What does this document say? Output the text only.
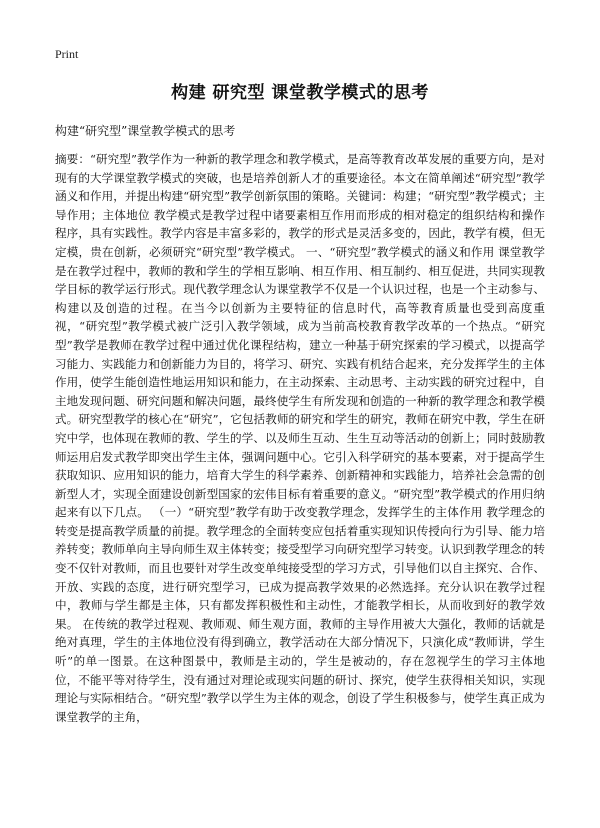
Print
构建 研究型 课堂教学模式的思考

构建“研究型”课堂教学模式的思考

摘要：“研究型”教学作为一种新的教学理念和教学模式，是高等教育改革发展的重要方向，是对现有的大学课堂教学模式的突破，也是培养创新人才的重要途径。本文在简单阐述“研究型”教学涵义和作用，并提出构建“研究型”教学创新氛围的策略。关键词：构建；“研究型”教学模式；主导作用；主体地位 教学模式是教学过程中诸要素相互作用而形成的相对稳定的组织结构和操作程序，具有实践性。教学内容是丰富多彩的，教学的形式是灵活多变的，因此，教学有模，但无定模，贵在创新，必须研究“研究型”教学模式。 一、“研究型”教学模式的涵义和作用 课堂教学是在教学过程中，教师的教和学生的学相互影响、相互作用、相互制约、相互促进，共同实现教学目标的教学运行形式。现代教学理念认为课堂教学不仅是一个认识过程，也是一个主动参与、构建以及创造的过程。在当今以创新为主要特征的信息时代，高等教育质量也受到高度重视，“研究型”教学模式被广泛引入教学领域，成为当前高校教育教学改革的一个热点。“研究型”教学是教师在教学过程中通过优化课程结构，建立一种基于研究探索的学习模式，以提高学习能力、实践能力和创新能力为目的，将学习、研究、实践有机结合起来，充分发挥学生的主体作用，使学生能创造性地运用知识和能力，在主动探索、主动思考、主动实践的研究过程中，自主地发现问题、研究问题和解决问题，最终使学生有所发现和创造的一种新的教学理念和教学模式。研究型教学的核心在“研究”，它包括教师的研究和学生的研究，教师在研究中教，学生在研究中学，也体现在教师的教、学生的学、以及师生互动、生生互动等活动的创新上；同时鼓励教师运用启发式教学即突出学生主体，强调问题中心。它引入科学研究的基本要素，对于提高学生获取知识、应用知识的能力，培育大学生的科学素养、创新精神和实践能力，培养社会急需的创新型人才，实现全面建设创新型国家的宏伟目标有着重要的意义。“研究型”教学模式的作用归纳起来有以下几点。 （一）“研究型”教学有助于改变教学理念，发挥学生的主体作用 教学理念的转变是提高教学质量的前提。教学理念的全面转变应包括着重实现知识传授向行为引导、能力培养转变；教师单向主导向师生双主体转变；接受型学习向研究型学习转变。认识到教学理念的转变不仅针对教师，而且也要针对学生改变单纯接受型的学习方式，引导他们以自主探究、合作、开放、实践的态度，进行研究型学习，已成为提高教学效果的必然选择。充分认识在教学过程中，教师与学生都是主体，只有都发挥积极性和主动性，才能教学相长，从而收到好的教学效果。 在传统的教学过程观、教师观、师生观方面，教师的主导作用被大大强化，教师的话就是绝对真理，学生的主体地位没有得到确立，教学活动在大部分情况下，只演化成“教师讲，学生听”的单一图景。在这种图景中，教师是主动的，学生是被动的，存在忽视学生的学习主体地位，不能平等对待学生，没有通过对理论或现实问题的研讨、探究，使学生获得相关知识，实现理论与实际相结合。“研究型”教学以学生为主体的观念，创设了学生积极参与，使学生真正成为课堂教学的主角，
